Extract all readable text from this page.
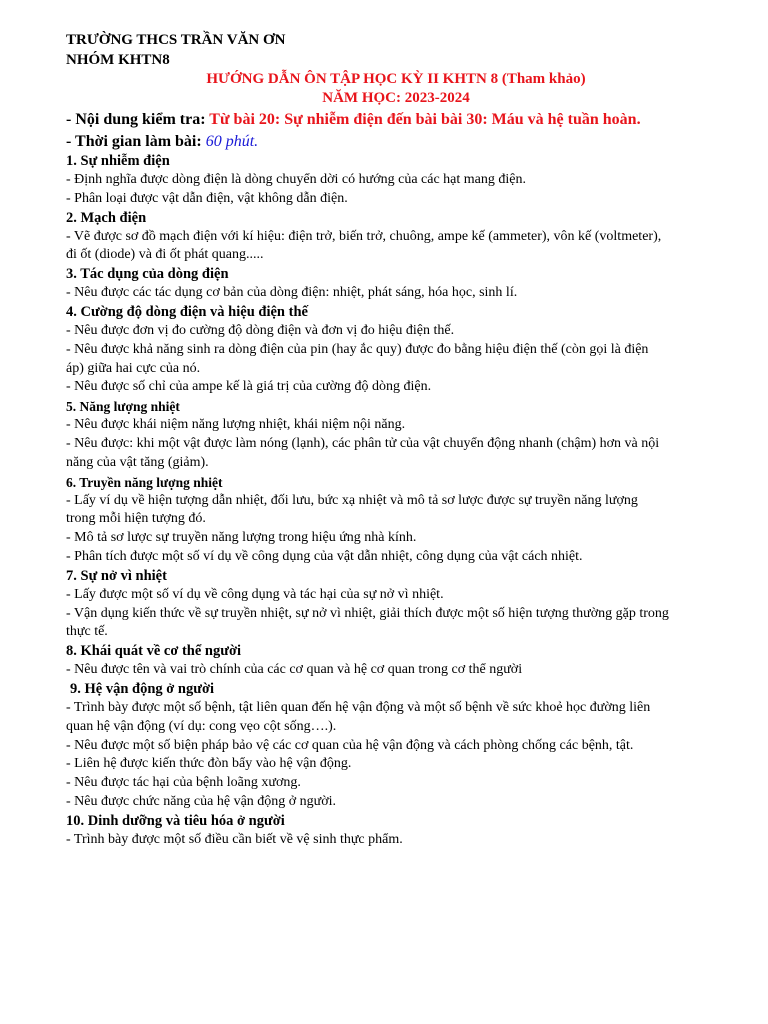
TRƯỜNG THCS TRẦN VĂN ƠN
NHÓM KHTN8
HƯỚNG DẪN ÔN TẬP HỌC KỲ II KHTN 8 (Tham khảo)
NĂM HỌC: 2023-2024
- Nội dung kiểm tra: Từ bài 20: Sự nhiễm điện đến bài bài 30: Máu và hệ tuần hoàn.
- Thời gian làm bài: 60 phút.
1. Sự nhiễm điện
- Định nghĩa được dòng điện là dòng chuyển dời có hướng của các hạt mang điện.
- Phân loại được vật dẫn điện, vật không dẫn điện.
2. Mạch điện
- Vẽ được sơ đồ mạch điện với kí hiệu: điện trở, biến trở, chuông, ampe kế (ammeter), vôn kế (voltmeter),
đi ốt (diode) và đi ốt phát quang.....
3. Tác dụng của dòng điện
- Nêu được các tác dụng cơ bản của dòng điện: nhiệt, phát sáng, hóa học, sinh lí.
4. Cường độ dòng điện và hiệu điện thế
- Nêu được đơn vị đo cường độ dòng điện và đơn vị đo hiệu điện thế.
- Nêu được khả năng sinh ra dòng điện của pin (hay ắc quy) được đo bằng hiệu điện thế (còn gọi là điện
áp) giữa hai cực của nó.
- Nêu được số chỉ của ampe kế là giá trị của cường độ dòng điện.
5. Năng lượng nhiệt
- Nêu được khái niệm năng lượng nhiệt, khái niệm nội năng.
- Nêu được: khi một vật được làm nóng (lạnh), các phân tử của vật chuyển động nhanh (chậm) hơn và nội
năng của vật tăng (giảm).
6. Truyền năng lượng nhiệt
- Lấy ví dụ về hiện tượng dẫn nhiệt, đối lưu, bức xạ nhiệt và mô tả sơ lược được sự truyền năng lượng
trong mỗi hiện tượng đó.
- Mô tả sơ lược sự truyền năng lượng trong hiệu ứng nhà kính.
- Phân tích được một số ví dụ về công dụng của vật dẫn nhiệt, công dụng của vật cách nhiệt.
7. Sự nở vì nhiệt
- Lấy được một số ví dụ về công dụng và tác hại của sự nở vì nhiệt.
- Vận dụng kiến thức về sự truyền nhiệt, sự nở vì nhiệt, giải thích được một số hiện tượng thường gặp trong
thực tế.
8. Khái quát về cơ thể người
- Nêu được tên và vai trò chính của các cơ quan và hệ cơ quan trong cơ thể người
9. Hệ vận động ở người
- Trình bày được một số bệnh, tật liên quan đến hệ vận động và một số bệnh về sức khoẻ học đường liên
quan hệ vận động (ví dụ: cong vẹo cột sống….).
- Nêu được một số biện pháp bảo vệ các cơ quan của hệ vận động và cách phòng chống các bệnh, tật.
- Liên hệ được kiến thức đòn bẩy vào hệ vận động.
- Nêu được tác hại của bệnh loãng xương.
- Nêu được chức năng của hệ vận động ở người.
10. Dinh dưỡng và tiêu hóa ở người
- Trình bày được một số điều cần biết về vệ sinh thực phẩm.
